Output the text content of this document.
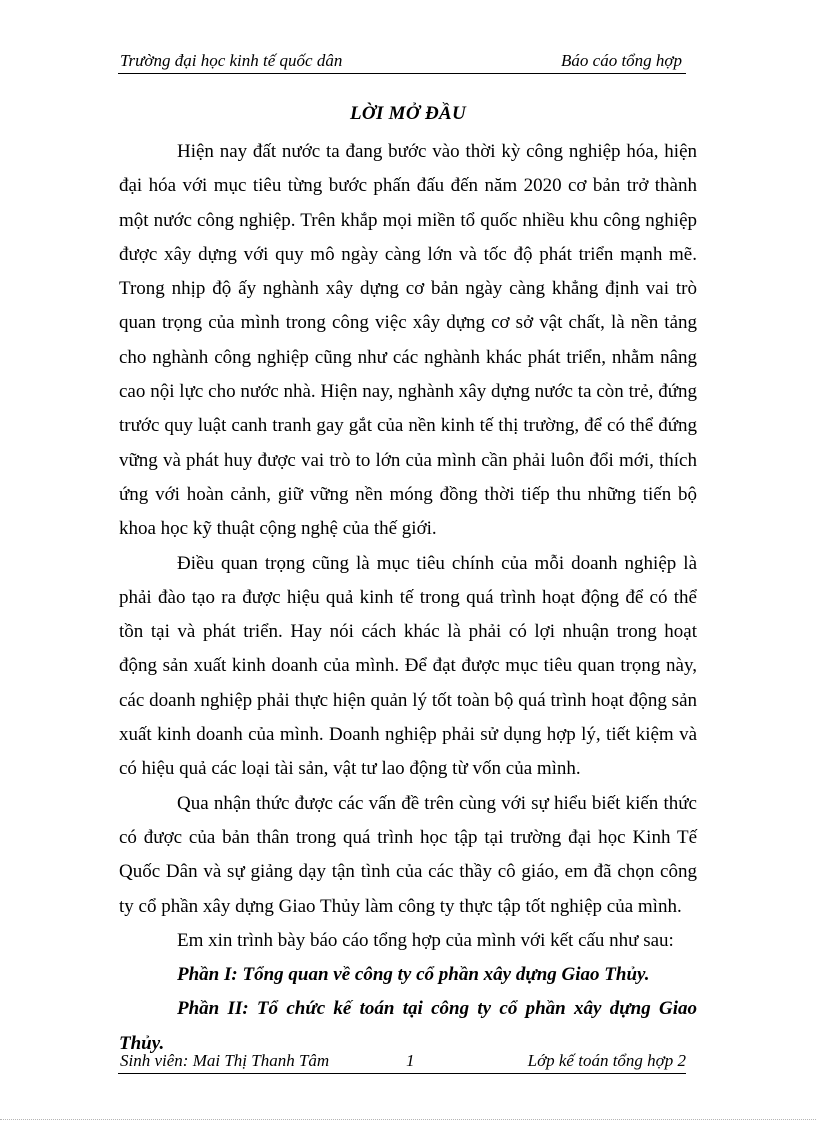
Trường đại học kinh tế quốc dân	Báo cáo tổng hợp
LỜI MỞ ĐẦU

Hiện nay đất nước ta đang bước vào thời kỳ công nghiệp hóa, hiện đại hóa với mục tiêu từng bước phấn đấu đến năm 2020 cơ bản trở thành một nước công nghiệp. Trên khắp mọi miền tổ quốc nhiều khu công nghiệp được xây dựng với quy mô ngày càng lớn và tốc độ phát triển mạnh mẽ. Trong nhịp độ ấy nghành xây dựng cơ bản ngày càng khẳng định vai trò quan trọng của mình trong công việc xây dựng cơ sở vật chất, là nền tảng cho nghành công nghiệp cũng như các nghành khác phát triển, nhằm nâng cao nội lực cho nước nhà. Hiện nay, nghành xây dựng nước ta còn trẻ, đứng trước quy luật canh tranh gay gắt của nền kinh tế thị trường, để có thể đứng vững và phát huy được vai trò to lớn của mình cần phải luôn đổi mới, thích ứng với hoàn cảnh, giữ vững nền móng đồng thời tiếp thu những tiến bộ khoa học kỹ thuật cộng nghệ của thế giới.

Điều quan trọng cũng là mục tiêu chính của mỗi doanh nghiệp là phải đào tạo ra được hiệu quả kinh tế trong quá trình hoạt động để có thể tồn tại và phát triển. Hay nói cách khác là phải có lợi nhuận trong hoạt động sản xuất kinh doanh của mình. Để đạt được mục tiêu quan trọng này, các doanh nghiệp phải thực hiện quản lý tốt toàn bộ quá trình hoạt động sản xuất kinh doanh của mình. Doanh nghiệp phải sử dụng hợp lý, tiết kiệm và có hiệu quả các loại tài sản, vật tư lao động từ vốn của mình.

Qua nhận thức được các vấn đề trên cùng với sự hiểu biết kiến thức có được của bản thân trong quá trình học tập tại trường đại học Kinh Tế Quốc Dân và sự giảng dạy tận tình của các thầy cô giáo, em đã chọn công ty cổ phần xây dựng Giao Thủy làm công ty thực tập tốt nghiệp của mình.

Em xin trình bày báo cáo tổng hợp của mình với kết cấu như sau:

Phần I: Tổng quan về công ty cổ phần xây dựng Giao Thủy.

Phần II: Tổ chức kế toán tại công ty cổ phần xây dựng Giao Thủy.

Sinh viên: Mai Thị Thanh Tâm	1	Lớp kế toán tổng hợp 2
